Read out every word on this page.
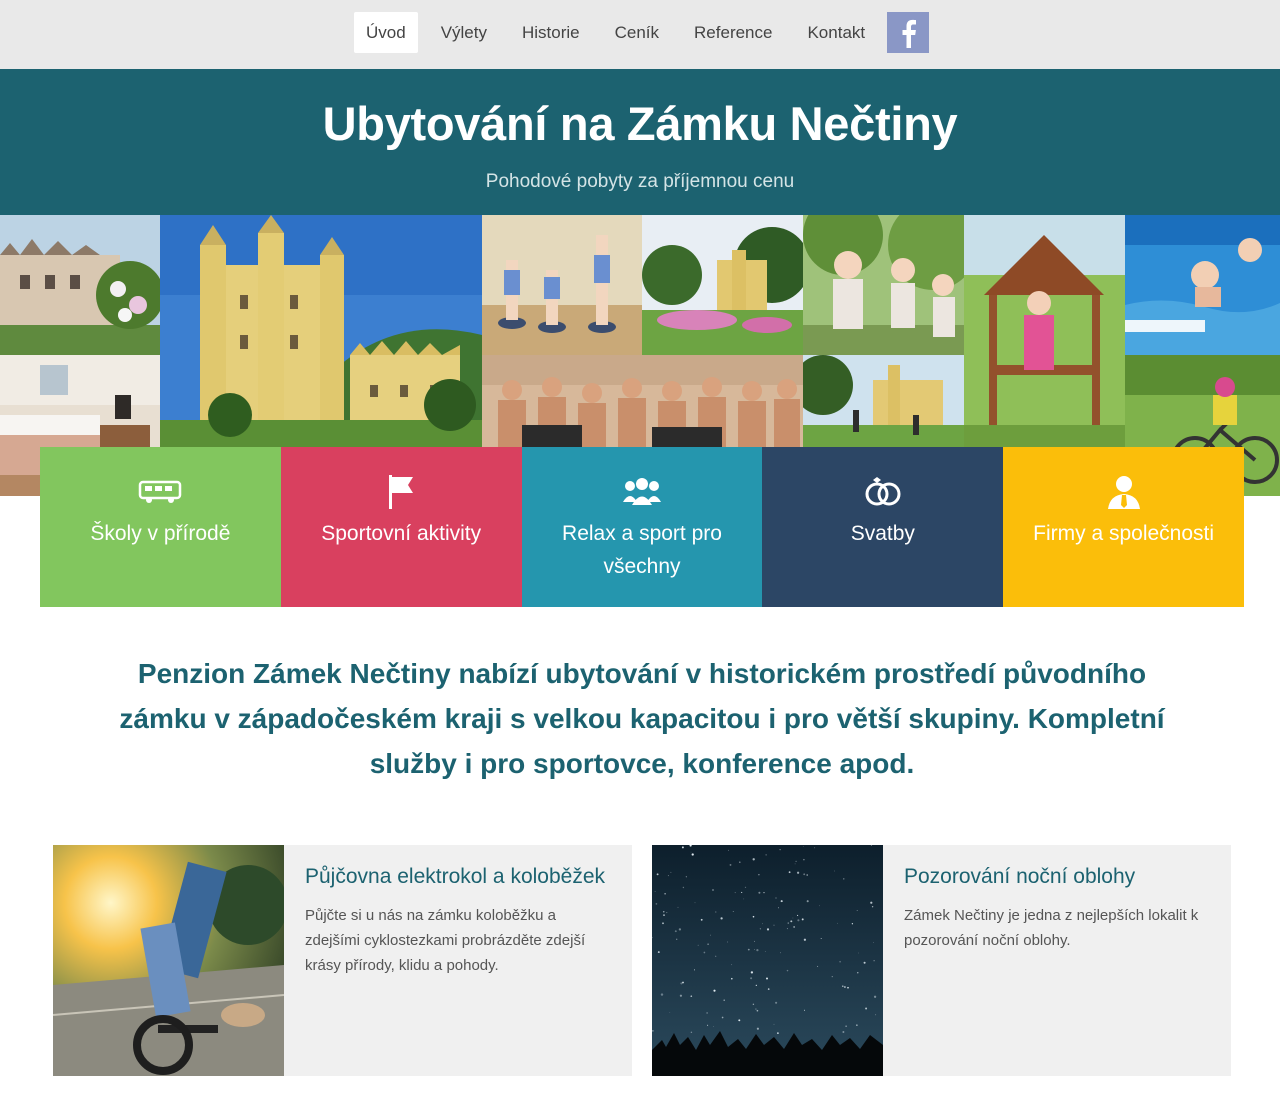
Úvod	Výlety	Historie	Ceník	Reference	Kontakt
Ubytování na Zámku Nečtiny
Pohodové pobyty za příjemnou cenu
Školy v přírodě	Sportovní aktivity	Relax a sport pro všechny
Svatby	Firmy a společnosti
Penzion Zámek Nečtiny nabízí ubytování v historickém prostředí původního zámku v západočeském kraji s velkou kapacitou i pro větší skupiny. Kompletní služby i pro sportovce, konference apod.
Půjčovna elektrokol a koloběžek
Půjčte si u nás na zámku koloběžku a zdejšími cyklostezkami probrázděte zdejší krásy přírody, klidu a pohody.
Pozorování noční oblohy
Zámek Nečtiny je jedna z nejlepších lokalit k pozorování noční oblohy.
